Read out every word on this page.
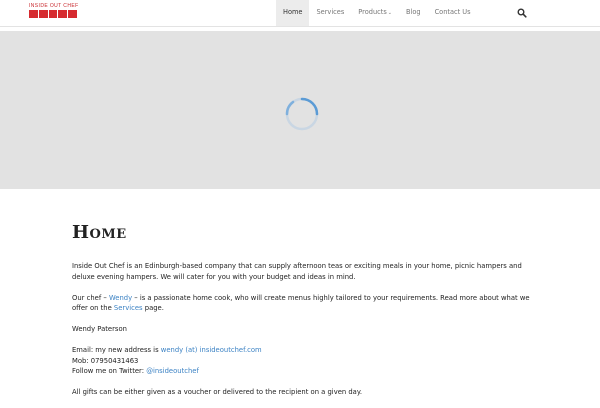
INSIDE OUT CHEF
Home	Services	Products⌄	Blog	Contact Us
Home

Inside Out Chef is an Edinburgh-based company that can supply afternoon teas or exciting meals in your home, picnic hampers and deluxe evening hampers. We will cater for you with your budget and ideas in mind.

Our chef – Wendy – is a passionate home cook, who will create menus highly tailored to your requirements. Read more about what we offer on the Services page.

Wendy Paterson

Email: my new address is wendy (at) insideoutchef.com

Mob: 07950431463

Follow me on Twitter: @insideoutchef

All gifts can be either given as a voucher or delivered to the recipient on a given day.
